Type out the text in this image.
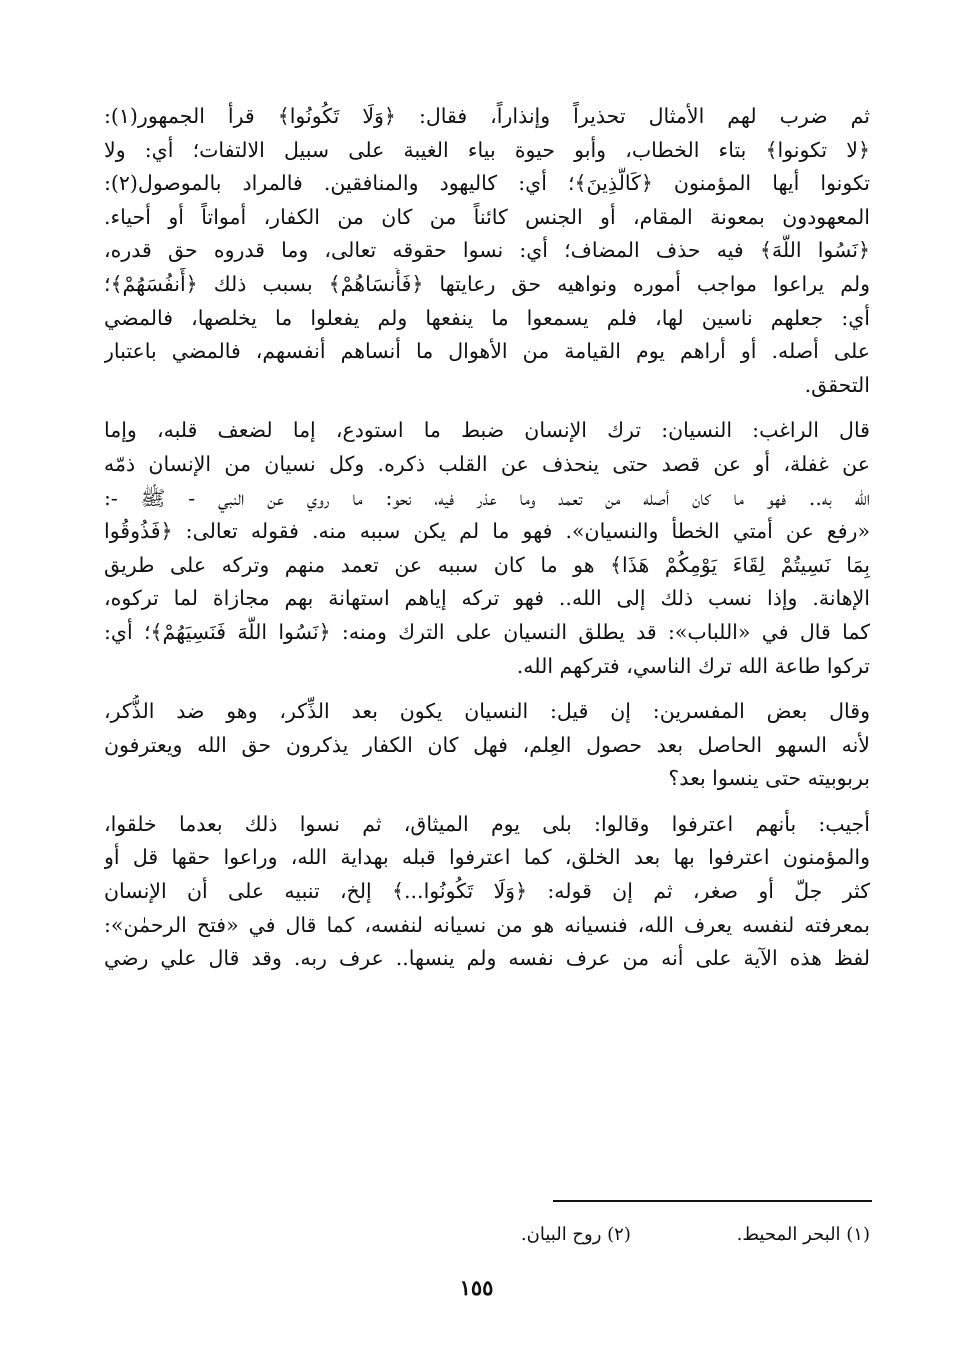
ثم ضرب لهم الأمثال تحذيراً وإنذاراً، فقال: ﴿وَلَا تَكُونُوا﴾ قرأ الجمهور(١):
﴿لا تكونوا﴾ بتاء الخطاب، وأبو حيوة بياء الغيبة على سبيل الالتفات؛ أي: ولا
تكونوا أيها المؤمنون ﴿كَالَّذِينَ﴾؛ أي: كاليهود والمنافقين. فالمراد بالموصول(٢):
المعهودون بمعونة المقام، أو الجنس كائناً من كان من الكفار، أمواتاً أو أحياء.
﴿نَسُوا اللَّهَ﴾ فيه حذف المضاف؛ أي: نسوا حقوقه تعالى، وما قدروه حق قدره،
ولم يراعوا مواجب أموره ونواهيه حق رعايتها ﴿فَأَنسَاهُمْ﴾ بسبب ذلك ﴿أَنفُسَهُمْ﴾؛
أي: جعلهم ناسين لها، فلم يسمعوا ما ينفعها ولم يفعلوا ما يخلصها، فالمضي
على أصله. أو أراهم يوم القيامة من الأهوال ما أنساهم أنفسهم، فالمضي باعتبار
التحقق.
قال الراغب: النسيان: ترك الإنسان ضبط ما استودع، إما لضعف قلبه، وإما
عن غفلة، أو عن قصد حتى ينحذف عن القلب ذكره. وكل نسيان من الإنسان ذمّه
الله به.. فهو ما كان أصله من تعمد وما عذر فيه، نحو: ما روي عن النبي - ﷺ -:
«رفع عن أمتي الخطأ والنسيان». فهو ما لم يكن سببه منه. فقوله تعالى: ﴿فَذُوقُوا
بِمَا نَسِيتُمْ لِقَاءَ يَوْمِكُمْ هَذَا﴾ هو ما كان سببه عن تعمد منهم وتركه على طريق
الإهانة. وإذا نسب ذلك إلى الله.. فهو تركه إياهم استهانة بهم مجازاة لما تركوه،
كما قال في «اللباب»: قد يطلق النسيان على الترك ومنه: ﴿نَسُوا اللَّهَ فَنَسِيَهُمْ﴾؛ أي:
تركوا طاعة الله ترك الناسي، فتركهم الله.
وقال بعض المفسرين: إن قيل: النسيان يكون بعد الذِّكر، وهو ضد الذُّكر،
لأنه السهو الحاصل بعد حصول العِلم، فهل كان الكفار يذكرون حق الله ويعترفون
بربوبيته حتى ينسوا بعد؟
أجيب: بأنهم اعترفوا وقالوا: بلى يوم الميثاق، ثم نسوا ذلك بعدما خلقوا،
والمؤمنون اعترفوا بها بعد الخلق، كما اعترفوا قبله بهداية الله، وراعوا حقها قل أو
كثر جلّ أو صغر، ثم إن قوله: ﴿وَلَا تَكُونُوا...﴾ إلخ، تنبيه على أن الإنسان
بمعرفته لنفسه يعرف الله، فنسيانه هو من نسيانه لنفسه، كما قال في «فتح الرحمٰن»:
لفظ هذه الآية على أنه من عرف نفسه ولم ينسها.. عرف ربه. وقد قال علي رضي
(١) البحر المحيط. (٢) روح البيان.
١٥٥
